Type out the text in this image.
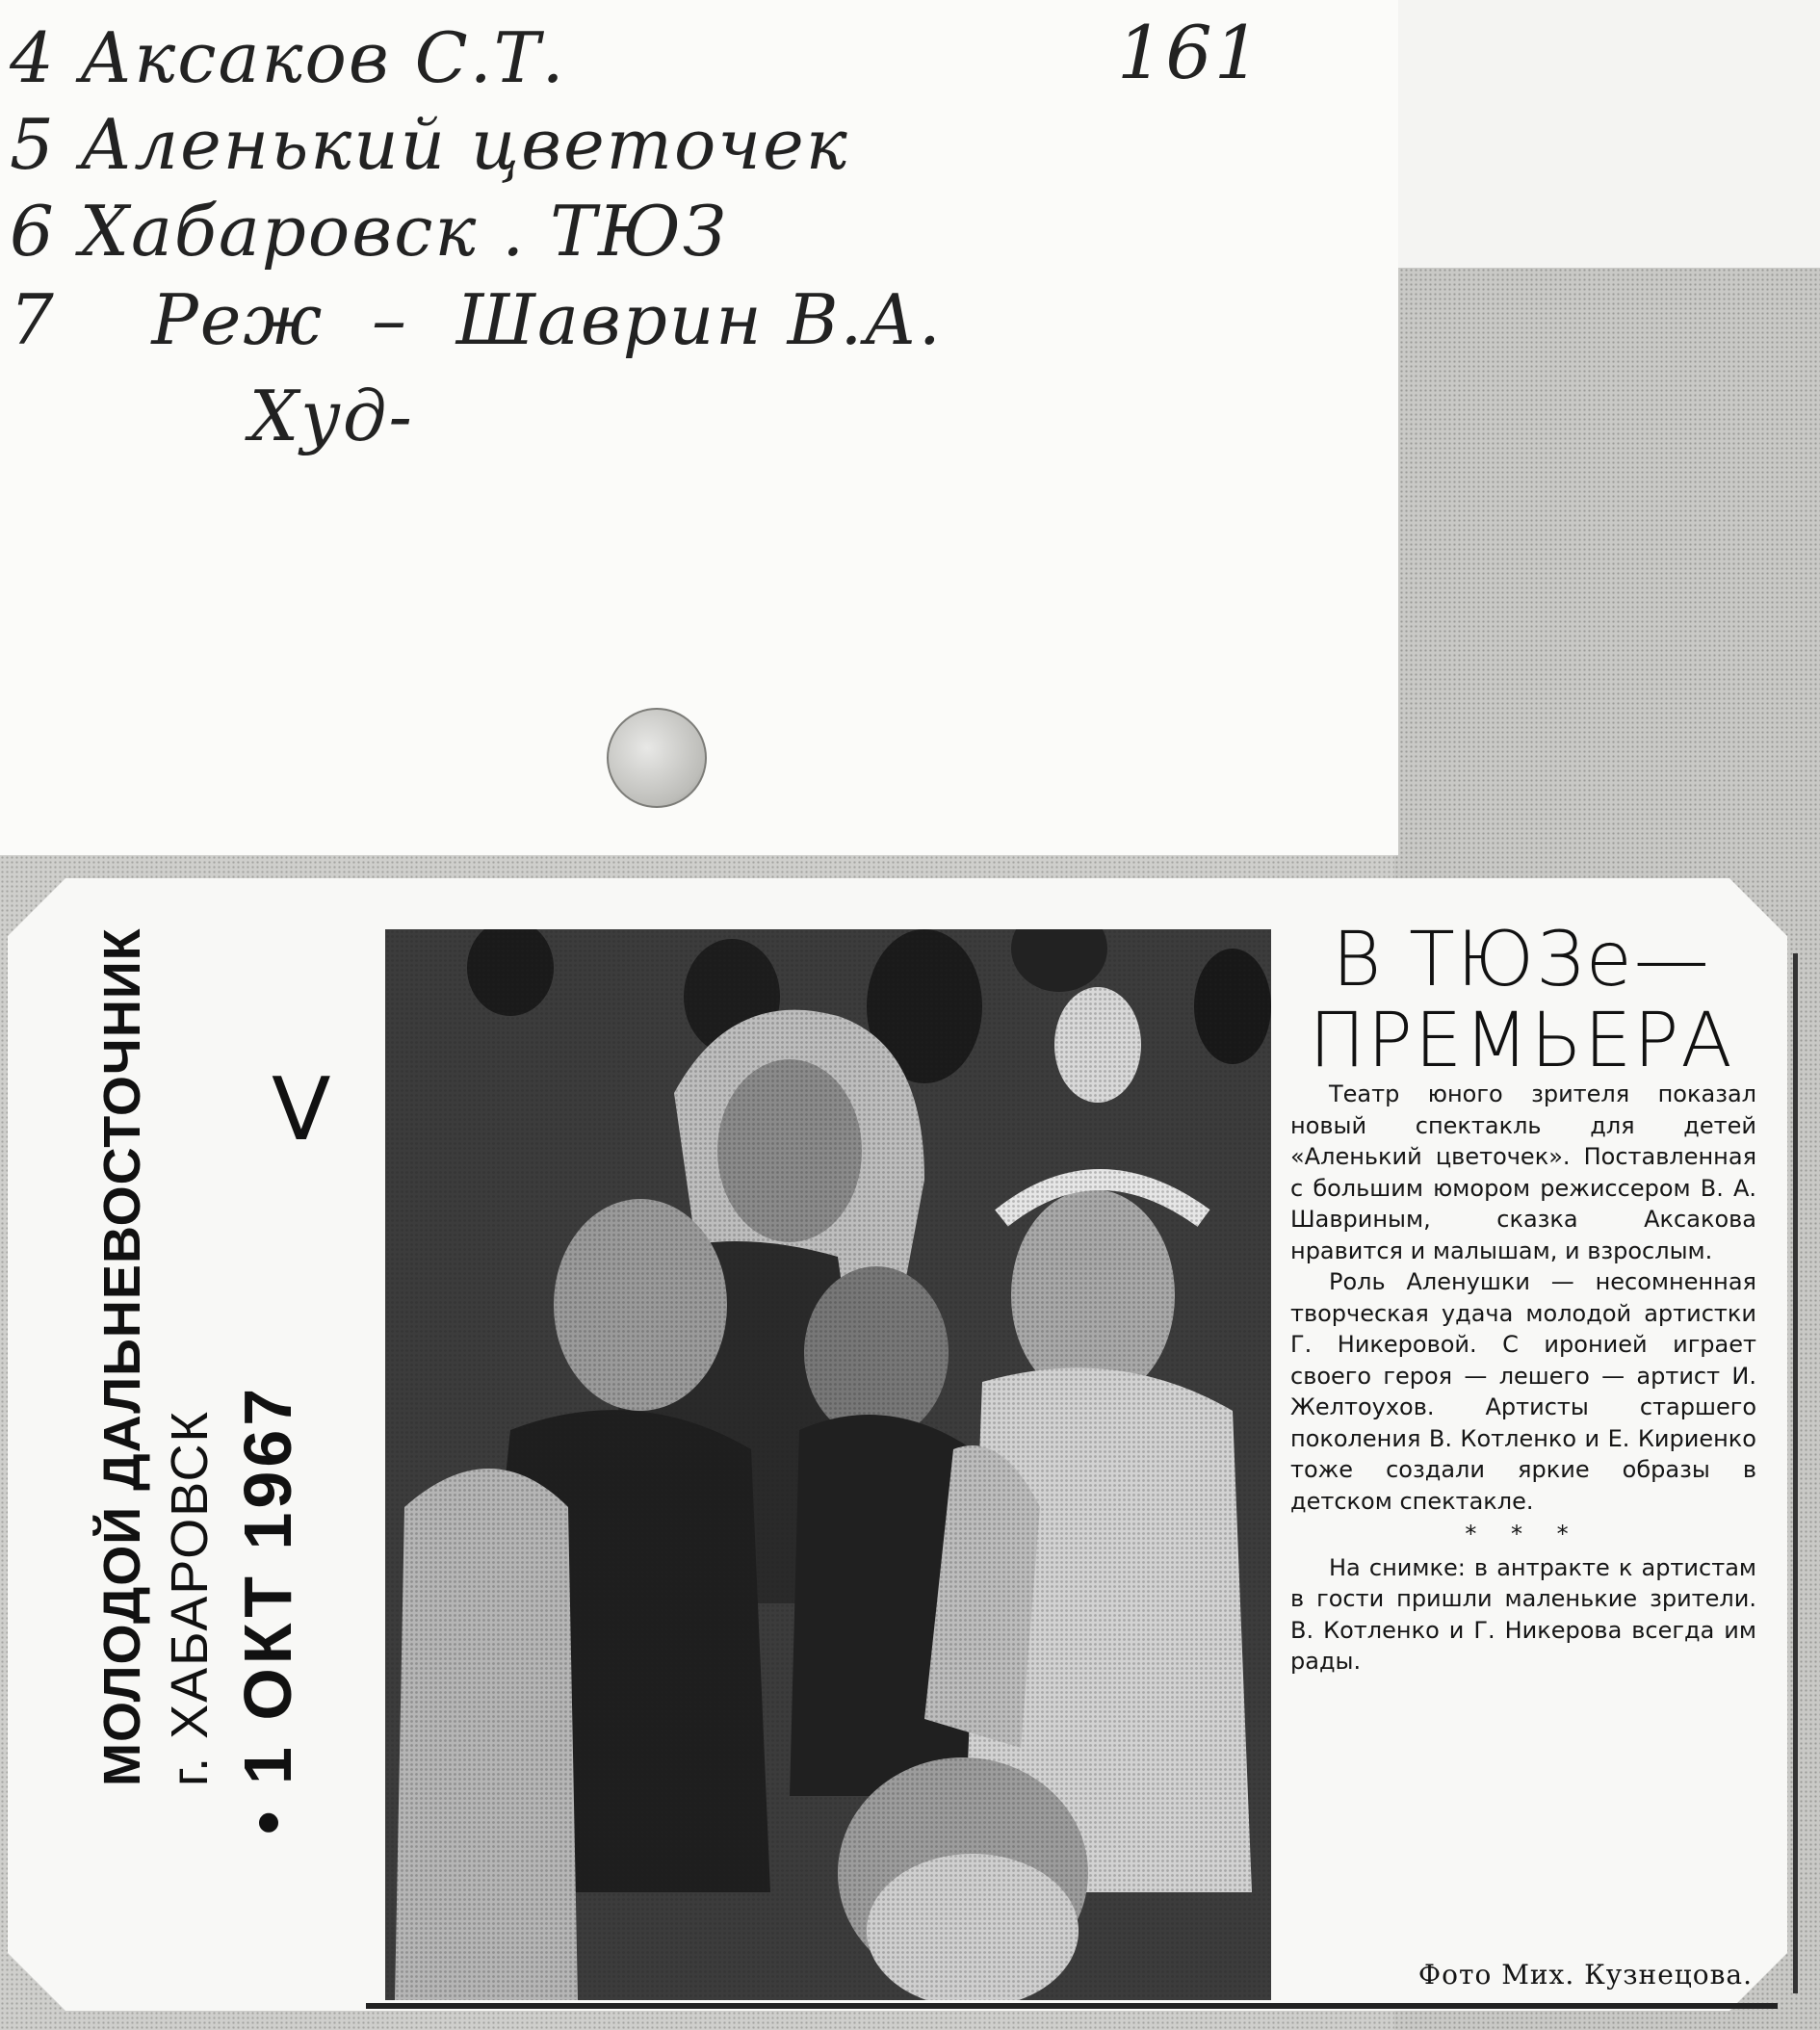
4 Аксаков С.Т.
5 Аленький цветочек
6 Хабаровск . ТЮЗ
7    Реж  –  Шаврин В.А.
Худ-
161
МОЛОДОЙ ДАЛЬНЕВОСТОЧНИК г. ХАБАРОВСК • 1 ОКТ 1967
V
В ТЮЗе—
ПРЕМЬЕРА

Театр юного зрителя показал новый спектакль для детей «Аленький цветочек». Поставленная с большим юмором режиссером В. А. Шавриным, сказка Аксакова нравится и малышам, и взрослым.

Роль Аленушки — несомненная творческая удача молодой артистки Г. Никеровой. С иронией играет своего героя — лешего — артист И. Желтоухов. Артисты старшего поколения В. Котленко и Е. Кириенко тоже создали яркие образы в детском спектакле.

* * *

На снимке: в антракте к артистам в гости пришли маленькие зрители. В. Котленко и Г. Никерова всегда им рады.

Фото Мих. Кузнецова.
